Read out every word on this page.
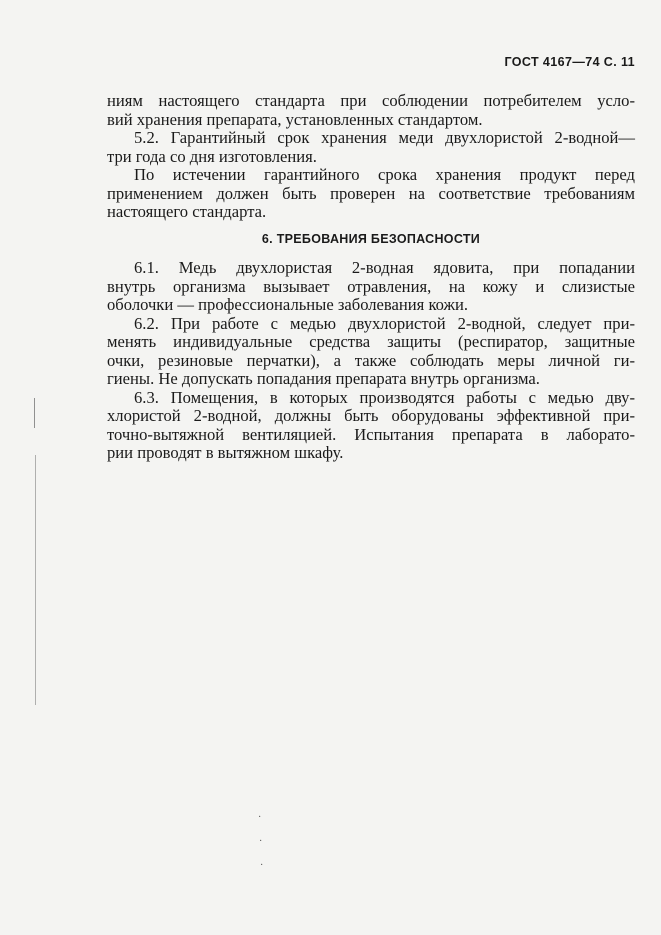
ГОСТ 4167—74 С. 11

ниям настоящего стандарта при соблюдении потребителем усло-

вий хранения препарата, установленных стандартом.

5.2. Гарантийный срок хранения меди двухлористой 2-водной—

три года со дня изготовления.

По истечении гарантийного срока хранения продукт перед

применением должен быть проверен на соответствие требованиям

настоящего стандарта.

6. ТРЕБОВАНИЯ БЕЗОПАСНОСТИ

6.1. Медь двухлористая 2-водная ядовита, при попадании

внутрь организма вызывает отравления, на кожу и слизистые

оболочки — профессиональные заболевания кожи.

6.2. При работе с медью двухлористой 2-водной, следует при-

менять индивидуальные средства защиты (респиратор, защитные

очки, резиновые перчатки), а также соблюдать меры личной ги-

гиены. Не допускать попадания препарата внутрь организма.

6.3. Помещения, в которых производятся работы с медью дву-

хлористой 2-водной, должны быть оборудованы эффективной при-

точно-вытяжной вентиляцией. Испытания препарата в лаборато-

рии проводят в вытяжном шкафу.

·
·
·
